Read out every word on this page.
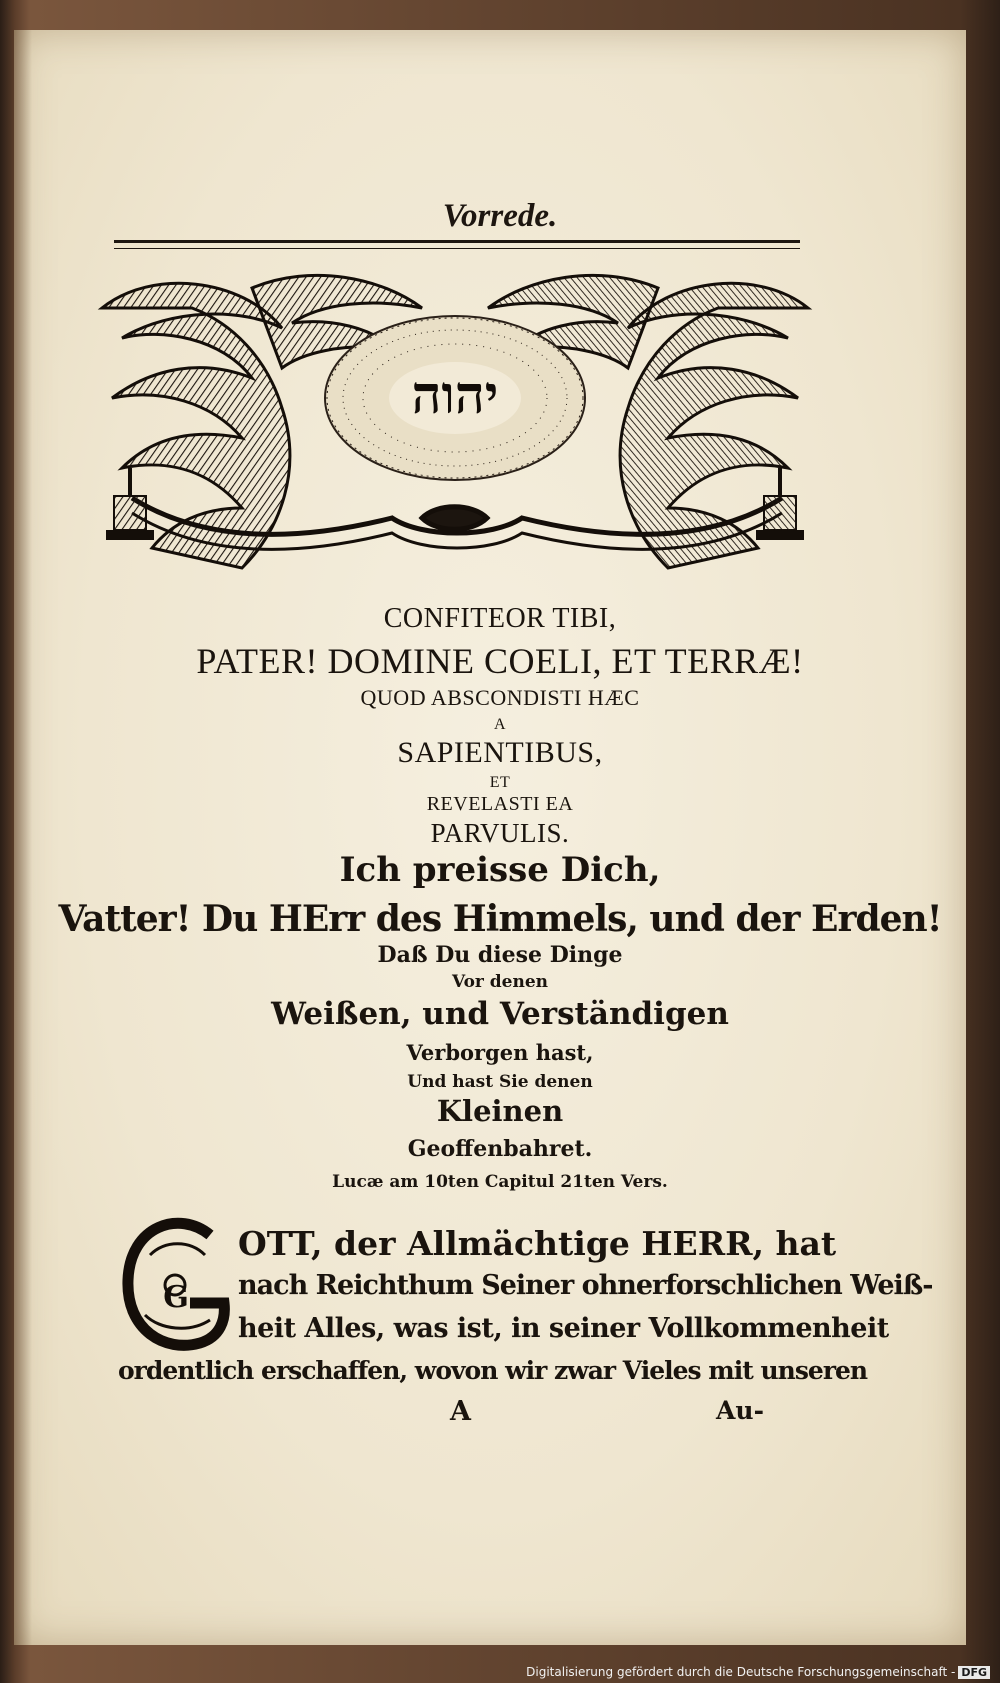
Vorrede.
יהוה
CONFITEOR TIBI,
PATER! DOMINE COELI, ET TERRÆ!
QUOD ABSCONDISTI HÆC
A
SAPIENTIBUS,
ET
REVELASTI EA
PARVULIS.
Ich preisse Dich,
Vatter! Du HErr des Himmels, und der Erden!
Daß Du diese Dinge
Vor denen
Weißen, und Verständigen
Verborgen hast,
Und hast Sie denen
Kleinen
Geoffenbahret.
Lucæ am 10ten Capitul 21ten Vers.
G
OTT, der Allmächtige HERR, hat
nach Reichthum Seiner ohnerforschlichen Weiß-
heit Alles, was ist, in seiner Vollkommenheit
ordentlich erschaffen, wovon wir zwar Vieles mit unseren
A	Au-
Digitalisierung gefördert durch die Deutsche Forschungsgemeinschaft - DFG
